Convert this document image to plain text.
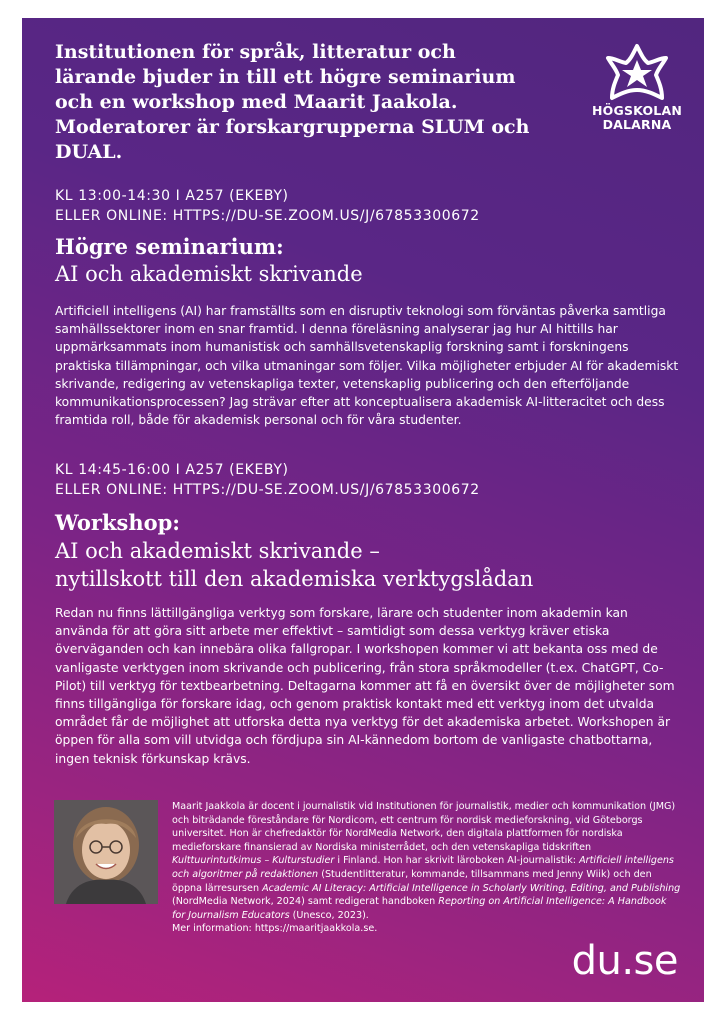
Institutionen för språk, litteratur och lärande bjuder in till ett högre seminarium och en workshop med Maarit Jaakola. Moderatorer är forskargrupperna SLUM och DUAL.

HÖGSKOLAN
DALARNA
KL 13:00-14:30 I A257 (EKEBY)
ELLER ONLINE: HTTPS://DU-SE.ZOOM.US/J/67853300672
Högre seminarium:
AI och akademiskt skrivande

Artificiell intelligens (AI) har framställts som en disruptiv teknologi som förväntas påverka samtliga samhällssektorer inom en snar framtid. I denna föreläsning analyserar jag hur AI hittills har uppmärksammats inom humanistisk och samhällsvetenskaplig forskning samt i forskningens praktiska tillämpningar, och vilka utmaningar som följer. Vilka möjligheter erbjuder AI för akademiskt skrivande, redigering av vetenskapliga texter, vetenskaplig publicering och den efterföljande kommunikationsprocessen? Jag strävar efter att konceptualisera akademisk AI-litteracitet och dess framtida roll, både för akademisk personal och för våra studenter.

KL 14:45-16:00 I A257 (EKEBY)
ELLER ONLINE: HTTPS://DU-SE.ZOOM.US/J/67853300672
Workshop:
AI och akademiskt skrivande –
nytillskott till den akademiska verktygslådan

Redan nu finns lättillgängliga verktyg som forskare, lärare och studenter inom akademin kan använda för att göra sitt arbete mer effektivt – samtidigt som dessa verktyg kräver etiska överväganden och kan innebära olika fallgropar. I workshopen kommer vi att bekanta oss med de vanligaste verktygen inom skrivande och publicering, från stora språkmodeller (t.ex. ChatGPT, Co-Pilot) till verktyg för textbearbetning. Deltagarna kommer att få en översikt över de möjligheter som finns tillgängliga för forskare idag, och genom praktisk kontakt med ett verktyg inom det utvalda området får de möjlighet att utforska detta nya verktyg för det akademiska arbetet. Workshopen är öppen för alla som vill utvidga och fördjupa sin AI-kännedom bortom de vanligaste chatbottarna, ingen teknisk förkunskap krävs.

Maarit Jaakkola är docent i journalistik vid Institutionen för journalistik, medier och kommunikation (JMG) och biträdande föreståndare för Nordicom, ett centrum för nordisk medieforskning, vid Göteborgs universitet. Hon är chefredaktör för NordMedia Network, den digitala plattformen för nordiska medieforskare finansierad av Nordiska ministerrådet, och den vetenskapliga tidskriften Kulttuurintutkimus – Kulturstudier i Finland. Hon har skrivit läroboken AI-journalistik: Artificiell intelligens och algoritmer på redaktionen (Studentlitteratur, kommande, tillsammans med Jenny Wiik) och den öppna lärresursen Academic AI Literacy: Artificial Intelligence in Scholarly Writing, Editing, and Publishing (NordMedia Network, 2024) samt redigerat handboken Reporting on Artificial Intelligence: A Handbook for Journalism Educators (Unesco, 2023).
Mer information: https://maaritjaakkola.se.

du.se
